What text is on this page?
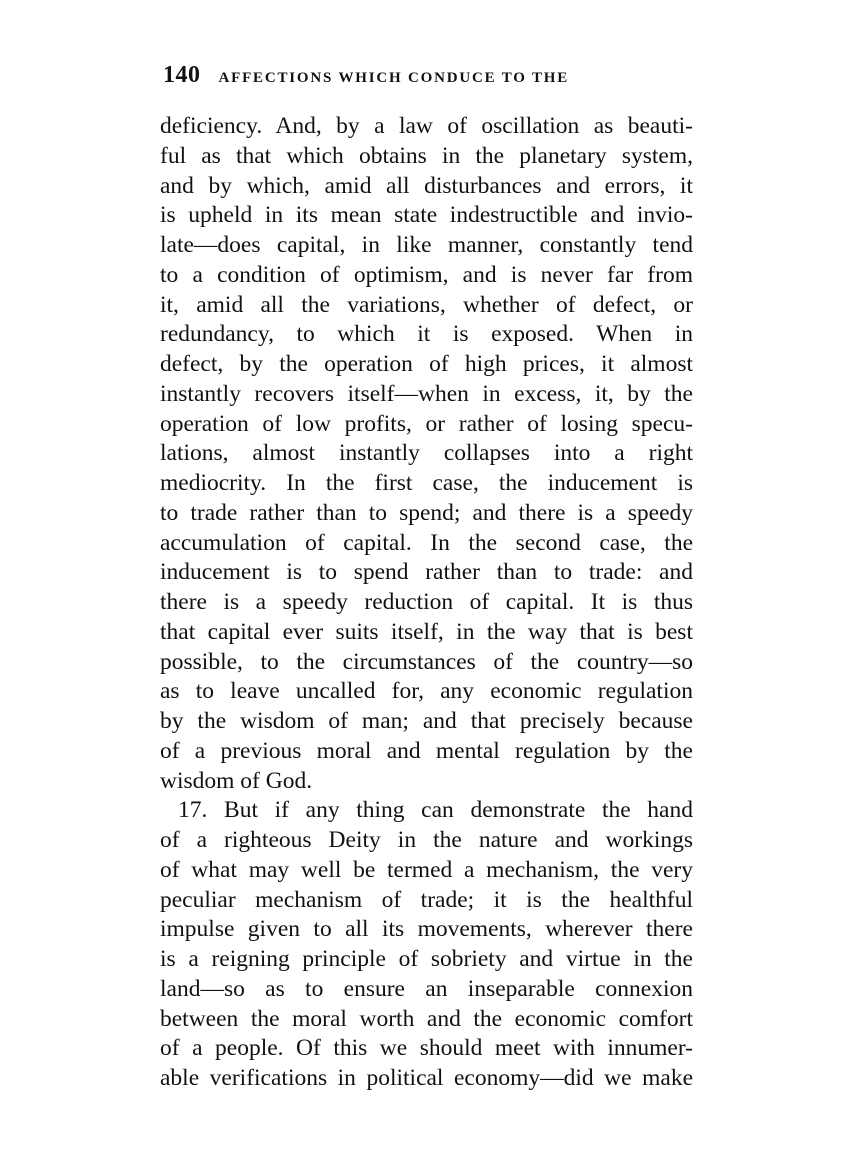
140 AFFECTIONS WHICH CONDUCE TO THE
deficiency. And, by a law of oscillation as beauti-
ful as that which obtains in the planetary system,
and by which, amid all disturbances and errors, it
is upheld in its mean state indestructible and invio-
late—does capital, in like manner, constantly tend
to a condition of optimism, and is never far from
it, amid all the variations, whether of defect, or
redundancy, to which it is exposed. When in
defect, by the operation of high prices, it almost
instantly recovers itself—when in excess, it, by the
operation of low profits, or rather of losing specu-
lations, almost instantly collapses into a right
mediocrity. In the first case, the inducement is
to trade rather than to spend; and there is a speedy
accumulation of capital. In the second case, the
inducement is to spend rather than to trade: and
there is a speedy reduction of capital. It is thus
that capital ever suits itself, in the way that is best
possible, to the circumstances of the country—so
as to leave uncalled for, any economic regulation
by the wisdom of man; and that precisely because
of a previous moral and mental regulation by the
wisdom of God.
17. But if any thing can demonstrate the hand
of a righteous Deity in the nature and workings
of what may well be termed a mechanism, the very
peculiar mechanism of trade; it is the healthful
impulse given to all its movements, wherever there
is a reigning principle of sobriety and virtue in the
land—so as to ensure an inseparable connexion
between the moral worth and the economic comfort
of a people. Of this we should meet with innumer-
able verifications in political economy—did we make
